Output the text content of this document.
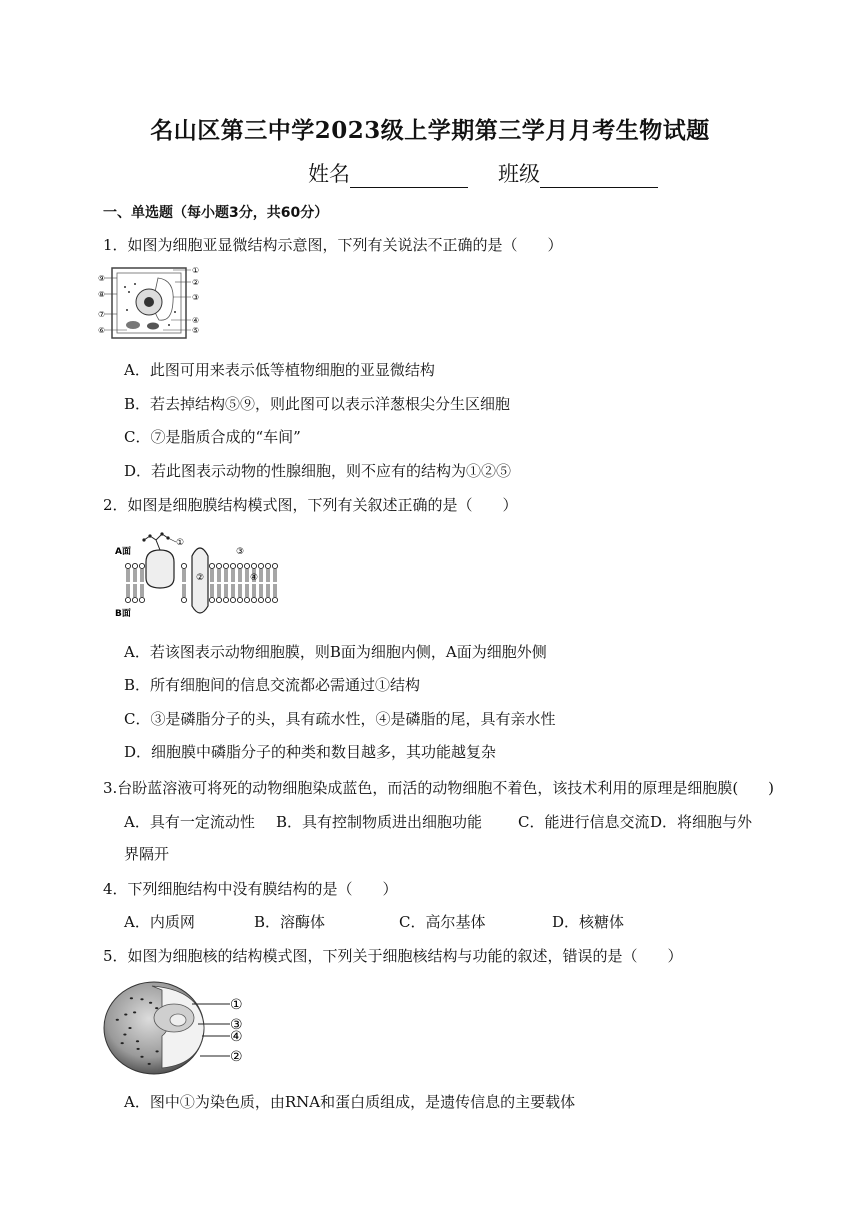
名山区第三中学2023级上学期第三学月月考生物试题
姓名	班级
一、单选题（每小题3分，共60分）
1．如图为细胞亚显微结构示意图，下列有关说法不正确的是（　　）
①
②
③
④
⑤
⑨
⑧
⑦
⑥
A．此图可用来表示低等植物细胞的亚显微结构
B．若去掉结构⑤⑨，则此图可以表示洋葱根尖分生区细胞
C．⑦是脂质合成的“车间”
D．若此图表示动物的性腺细胞，则不应有的结构为①②⑤
2．如图是细胞膜结构模式图，下列有关叙述正确的是（　　）
A面
B面
①
②
③
④
A．若该图表示动物细胞膜，则B面为细胞内侧，A面为细胞外侧
B．所有细胞间的信息交流都必需通过①结构
C．③是磷脂分子的头，具有疏水性，④是磷脂的尾，具有亲水性
D．细胞膜中磷脂分子的种类和数目越多，其功能越复杂
3.台盼蓝溶液可将死的动物细胞染成蓝色，而活的动物细胞不着色，该技术利用的原理是细胞膜(　　)
A．具有一定流动性	B．具有控制物质进出细胞功能	C．能进行信息交流 D．将细胞与外
界隔开
4．下列细胞结构中没有膜结构的是（　　）
A．内质网	B．溶酶体	C．高尔基体	D．核糖体
5．如图为细胞核的结构模式图，下列关于细胞核结构与功能的叙述，错误的是（　　）
①
③
④
②
A．图中①为染色质，由RNA和蛋白质组成，是遗传信息的主要载体
